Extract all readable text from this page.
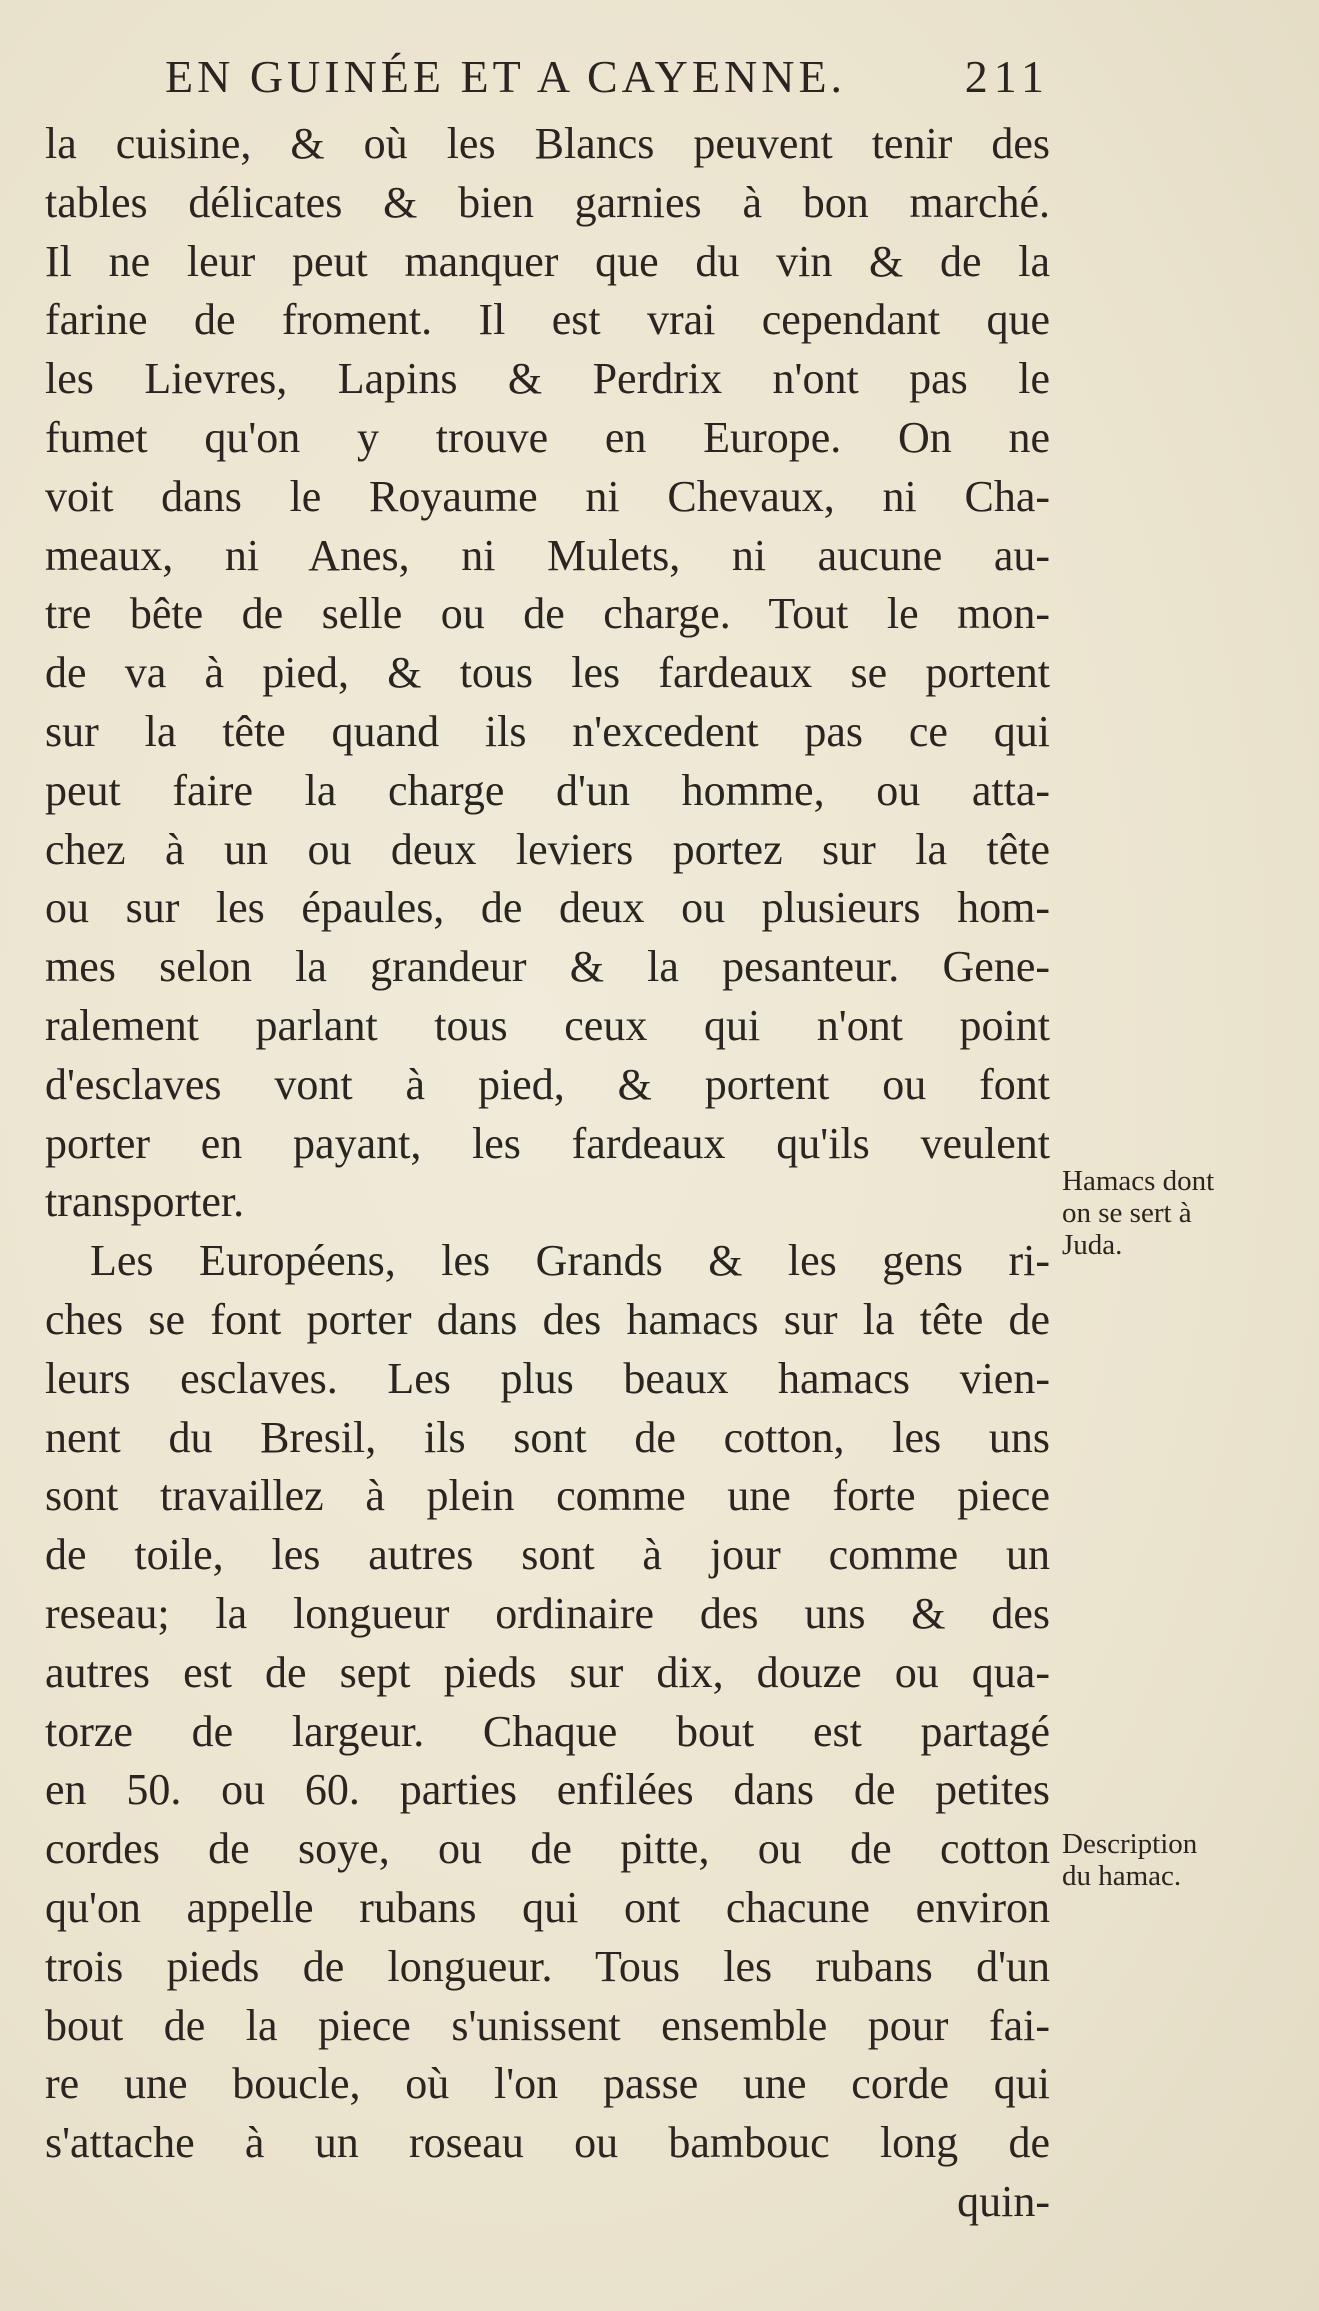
EN GUINÉE ET A CAYENNE.	211
la cuisine, & où les Blancs peuvent tenir des
tables délicates & bien garnies à bon marché.
Il ne leur peut manquer que du vin & de la
farine de froment. Il est vrai cependant que
les Lievres, Lapins & Perdrix n'ont pas le
fumet qu'on y trouve en Europe. On ne
voit dans le Royaume ni Chevaux, ni Cha-
meaux, ni Anes, ni Mulets, ni aucune au-
tre bête de selle ou de charge. Tout le mon-
de va à pied, & tous les fardeaux se portent
sur la tête quand ils n'excedent pas ce qui
peut faire la charge d'un homme, ou atta-
chez à un ou deux leviers portez sur la tête
ou sur les épaules, de deux ou plusieurs hom-
mes selon la grandeur & la pesanteur. Gene-
ralement parlant tous ceux qui n'ont point
d'esclaves vont à pied, & portent ou font
porter en payant, les fardeaux qu'ils veulent
transporter.
Les Européens, les Grands & les gens ri-
ches se font porter dans des hamacs sur la tête de
leurs esclaves. Les plus beaux hamacs vien-
nent du Bresil, ils sont de cotton, les uns
sont travaillez à plein comme une forte piece
de toile, les autres sont à jour comme un
reseau; la longueur ordinaire des uns & des
autres est de sept pieds sur dix, douze ou qua-
torze de largeur. Chaque bout est partagé
en 50. ou 60. parties enfilées dans de petites
cordes de soye, ou de pitte, ou de cotton
qu'on appelle rubans qui ont chacune environ
trois pieds de longueur. Tous les rubans d'un
bout de la piece s'unissent ensemble pour fai-
re une boucle, où l'on passe une corde qui
s'attache à un roseau ou bambouc long de
quin-
Hamacs dont
on se sert à
Juda.
Description
du hamac.
